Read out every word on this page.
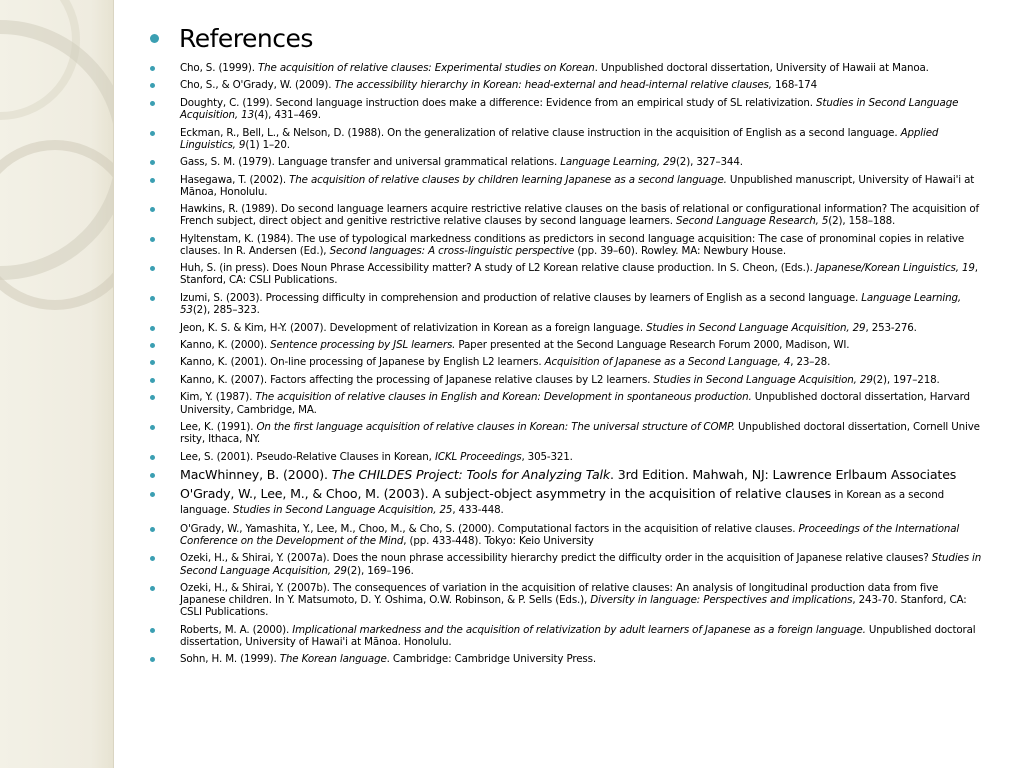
References
Cho, S. (1999). The acquisition of relative clauses: Experimental studies on Korean. Unpublished doctoral dissertation, University of Hawaii at Manoa.
Cho, S., & O'Grady, W. (2009). The accessibility hierarchy in Korean: head-external and head-internal relative clauses, 168-174
Doughty, C. (199). Second language instruction does make a difference: Evidence from an empirical study of SL relativization. Studies in Second Language Acquisition, 13(4), 431–469.
Eckman, R., Bell, L., & Nelson, D. (1988). On the generalization of relative clause instruction in the acquisition of English as a second language. Applied Linguistics, 9(1) 1–20.
Gass, S. M. (1979). Language transfer and universal grammatical relations. Language Learning, 29(2), 327–344.
Hasegawa, T. (2002). The acquisition of relative clauses by children learning Japanese as a second language. Unpublished manuscript, University of Hawai'i at Mānoa, Honolulu.
Hawkins, R. (1989). Do second language learners acquire restrictive relative clauses on the basis of relational or configurational information? The acquisition of French subject, direct object and genitive restrictive relative clauses by second language learners. Second Language Research, 5(2), 158–188.
Hyltenstam, K. (1984). The use of typological markedness conditions as predictors in second language acquisition: The case of pronominal copies in relative clauses. In R. Andersen (Ed.), Second languages: A cross-linguistic perspective (pp. 39–60). Rowley. MA: Newbury House.
Huh, S. (in press). Does Noun Phrase Accessibility matter? A study of L2 Korean relative clause production. In S. Cheon, (Eds.). Japanese/Korean Linguistics, 19, Stanford, CA: CSLI Publications.
Izumi, S. (2003). Processing difficulty in comprehension and production of relative clauses by learners of English as a second language. Language Learning, 53(2), 285–323.
Jeon, K. S. & Kim, H-Y. (2007). Development of relativization in Korean as a foreign language. Studies in Second Language Acquisition, 29, 253-276.
Kanno, K. (2000). Sentence processing by JSL learners. Paper presented at the Second Language Research Forum 2000, Madison, WI.
Kanno, K. (2001). On-line processing of Japanese by English L2 learners. Acquisition of Japanese as a Second Language, 4, 23–28.
Kanno, K. (2007). Factors affecting the processing of Japanese relative clauses by L2 learners. Studies in Second Language Acquisition, 29(2), 197–218.
Kim, Y. (1987). The acquisition of relative clauses in English and Korean: Development in spontaneous production. Unpublished doctoral dissertation, Harvard University, Cambridge, MA.
Lee, K. (1991). On the first language acquisition of relative clauses in Korean: The universal structure of COMP. Unpublished doctoral dissertation, Cornell Unive rsity, Ithaca, NY.
Lee, S. (2001). Pseudo-Relative Clauses in Korean, ICKL Proceedings, 305-321.
MacWhinney, B. (2000). The CHILDES Project: Tools for Analyzing Talk. 3rd Edition. Mahwah, NJ: Lawrence Erlbaum Associates
O'Grady, W., Lee, M., & Choo, M. (2003). A subject-object asymmetry in the acquisition of relative clauses in Korean as a second language. Studies in Second Language Acquisition, 25, 433-448.
O'Grady, W., Yamashita, Y., Lee, M., Choo, M., & Cho, S. (2000). Computational factors in the acquisition of relative clauses. Proceedings of the International Conference on the Development of the Mind, (pp. 433-448). Tokyo: Keio University
Ozeki, H., & Shirai, Y. (2007a). Does the noun phrase accessibility hierarchy predict the difficulty order in the acquisition of Japanese relative clauses? Studies in Second Language Acquisition, 29(2), 169–196.
Ozeki, H., & Shirai, Y. (2007b). The consequences of variation in the acquisition of relative clauses: An analysis of longitudinal production data from five Japanese children. In Y. Matsumoto, D. Y. Oshima, O.W. Robinson, & P. Sells (Eds.), Diversity in language: Perspectives and implications, 243-70. Stanford, CA: CSLI Publications.
Roberts, M. A. (2000). Implicational markedness and the acquisition of relativization by adult learners of Japanese as a foreign language. Unpublished doctoral dissertation, University of Hawai'i at Mānoa. Honolulu.
Sohn, H. M. (1999). The Korean language. Cambridge: Cambridge University Press.
